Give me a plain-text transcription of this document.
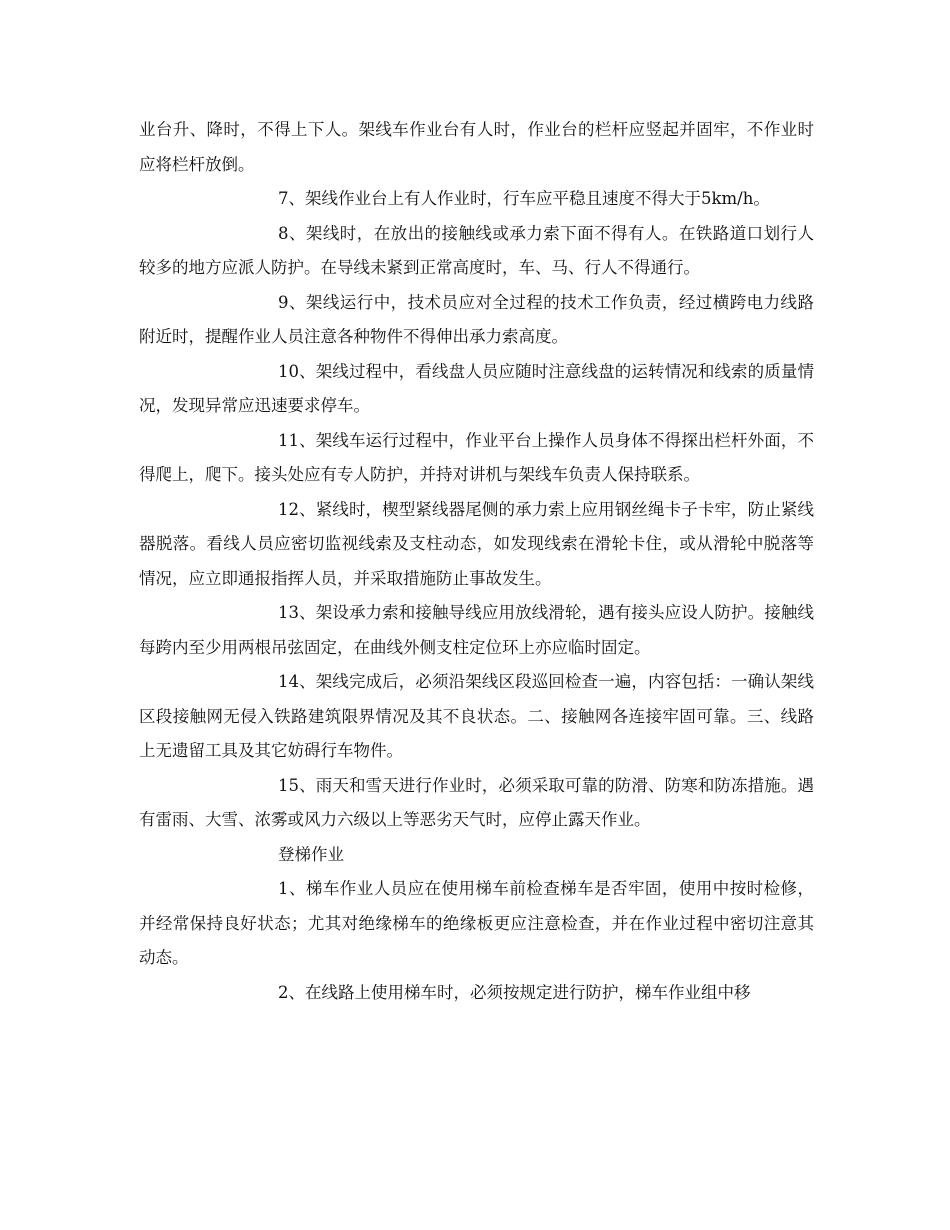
业台升、降时，不得上下人。架线车作业台有人时，作业台的栏杆应竖起并固牢，不作业时应将栏杆放倒。

7、架线作业台上有人作业时，行车应平稳且速度不得大于5km/h。

8、架线时，在放出的接触线或承力索下面不得有人。在铁路道口划行人较多的地方应派人防护。在导线未紧到正常高度时，车、马、行人不得通行。

9、架线运行中，技术员应对全过程的技术工作负责，经过横跨电力线路附近时，提醒作业人员注意各种物件不得伸出承力索高度。

10、架线过程中，看线盘人员应随时注意线盘的运转情况和线索的质量情况，发现异常应迅速要求停车。

11、架线车运行过程中，作业平台上操作人员身体不得探出栏杆外面，不得爬上，爬下。接头处应有专人防护，并持对讲机与架线车负责人保持联系。

12、紧线时，楔型紧线器尾侧的承力索上应用钢丝绳卡子卡牢，防止紧线器脱落。看线人员应密切监视线索及支柱动态，如发现线索在滑轮卡住，或从滑轮中脱落等情况，应立即通报指挥人员，并采取措施防止事故发生。

13、架设承力索和接触导线应用放线滑轮，遇有接头应设人防护。接触线每跨内至少用两根吊弦固定，在曲线外侧支柱定位环上亦应临时固定。

14、架线完成后，必须沿架线区段巡回检查一遍，内容包括：一确认架线区段接触网无侵入铁路建筑限界情况及其不良状态。二、接触网各连接牢固可靠。三、线路上无遗留工具及其它妨碍行车物件。

15、雨天和雪天进行作业时，必须采取可靠的防滑、防寒和防冻措施。遇有雷雨、大雪、浓雾或风力六级以上等恶劣天气时，应停止露天作业。

登梯作业

1、梯车作业人员应在使用梯车前检查梯车是否牢固，使用中按时检修，并经常保持良好状态；尤其对绝缘梯车的绝缘板更应注意检查，并在作业过程中密切注意其动态。

2、在线路上使用梯车时，必须按规定进行防护，梯车作业组中移
